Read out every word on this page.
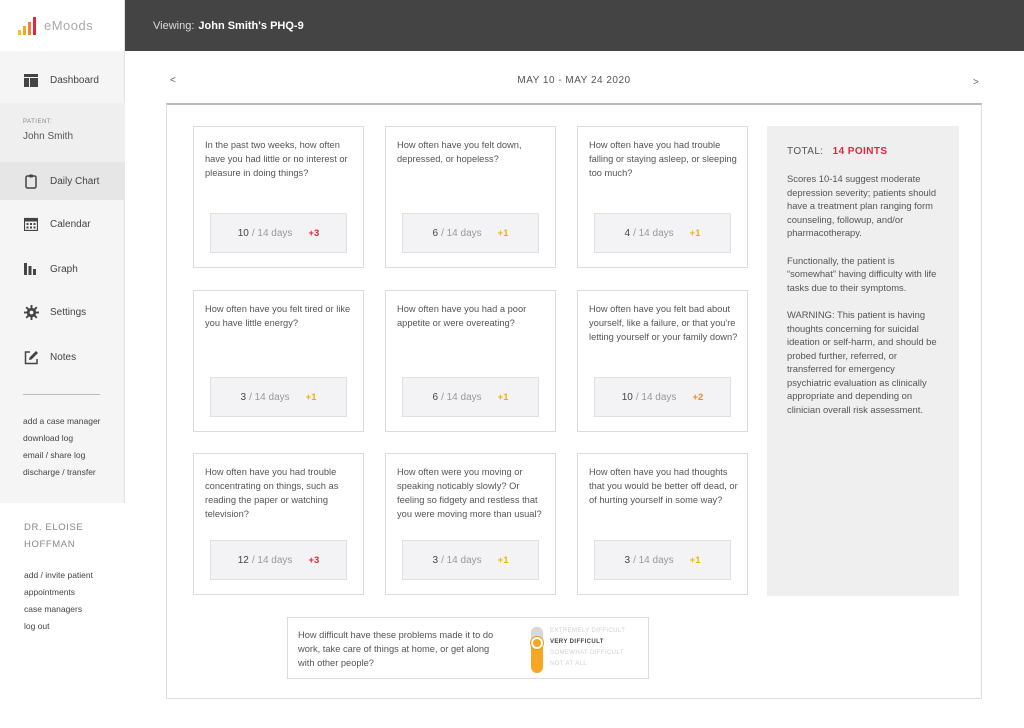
eMoods	Viewing: John Smith's PHQ-9
Dashboard
PATIENT:
John Smith
Daily Chart
Calendar
Graph
Settings
Notes
add a case manager
download log
email / share log
discharge / transfer
DR. ELOISE
HOFFMAN
add / invite patient
appointments
case managers
log out
<	MAY 10 - MAY 24 2020	>
In the past two weeks, how often have you had little or no interest or pleasure in doing things?
10 / 14 days +3
How often have you felt down, depressed, or hopeless?
6 / 14 days +1
How often have you had trouble falling or staying asleep, or sleeping too much?
4 / 14 days +1
How often have you felt tired or like you have little energy?
3 / 14 days +1
How often have you had a poor appetite or were overeating?
6 / 14 days +1
How often have you felt bad about yourself, like a failure, or that you're letting yourself or your family down?
10 / 14 days +2
How often have you had trouble concentrating on things, such as reading the paper or watching television?
12 / 14 days +3
How often were you moving or speaking noticably slowly? Or feeling so fidgety and restless that you were moving more than usual?
3 / 14 days +1
How often have you had thoughts that you would be better off dead, or of hurting yourself in some way?
3 / 14 days +1
TOTAL: 14 POINTS

Scores 10-14 suggest moderate depression severity; patients should have a treatment plan ranging form counseling, followup, and/or pharmacotherapy.

Functionally, the patient is “somewhat” having difficulty with life tasks due to their symptoms.

WARNING: This patient is having thoughts concerning for suicidal ideation or self-harm, and should be probed further, referred, or transferred for emergency psychiatric evaluation as clinically appropriate and depending on clinician overall risk assessment.

How difficult have these problems made it to do work, take care of things at home, or get along with other people?
EXTREMELY DIFFICULT
VERY DIFFICULT
SOMEWHAT DIFFICULT
NOT AT ALL
